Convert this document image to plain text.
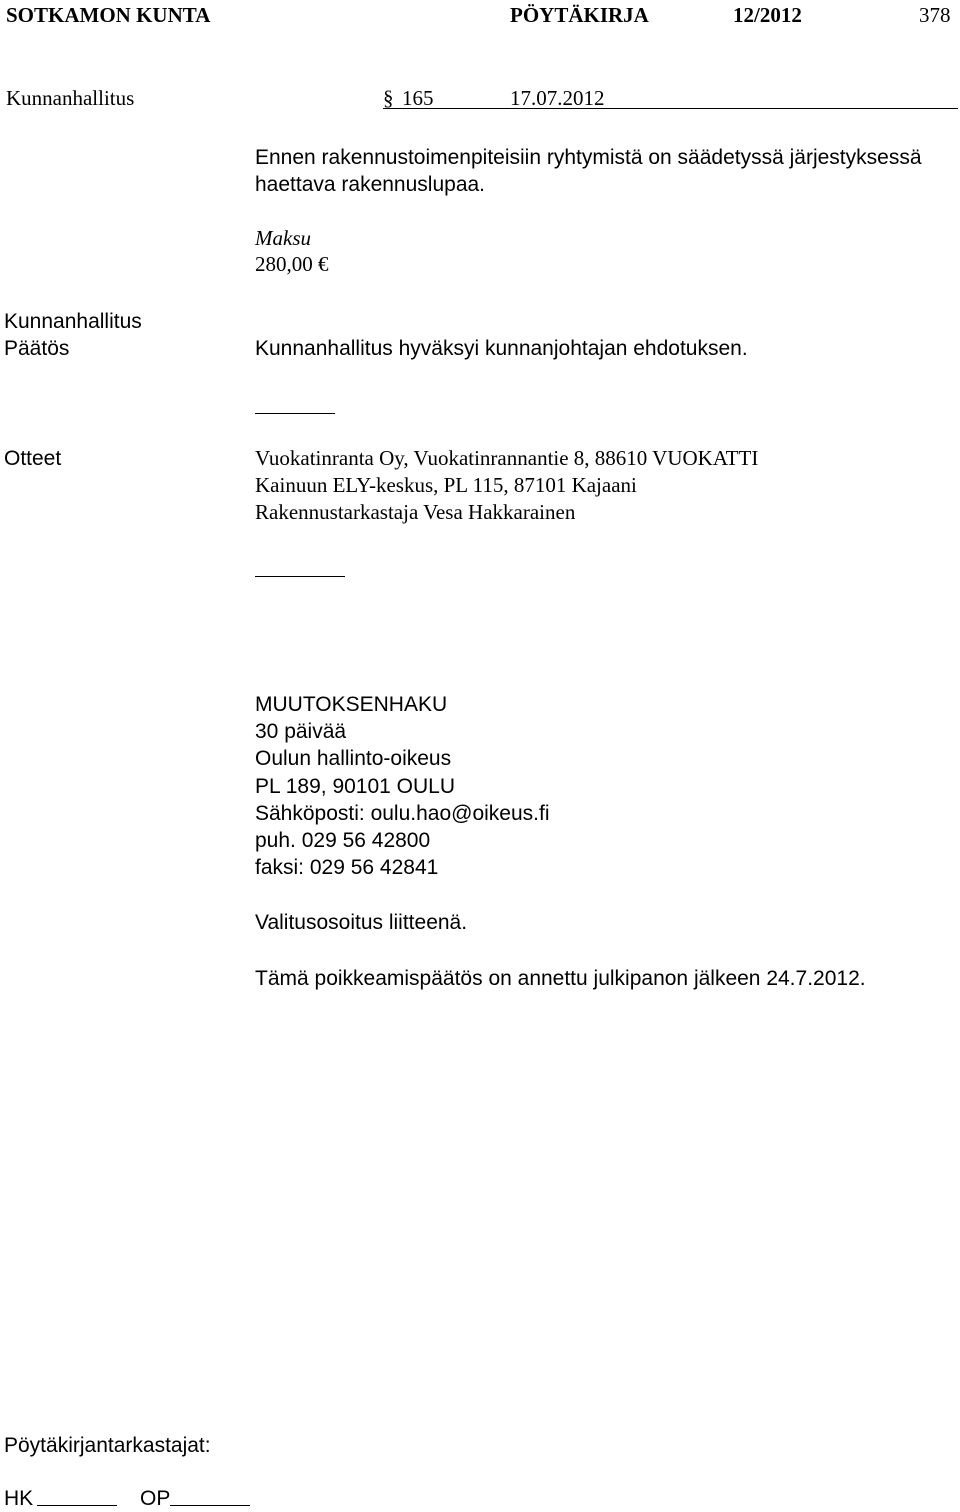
SOTKAMON KUNTA	PÖYTÄKIRJA	12/2012	378
Kunnanhallitus	§ 165	17.07.2012
Ennen rakennustoimenpiteisiin ryhtymistä on säädetyssä järjestyksessä
haettava rakennuslupaa.
Maksu
280,00 €
Kunnanhallitus
Päätös	Kunnanhallitus hyväksyi kunnanjohtajan ehdotuksen.
Otteet	Vuokatinranta Oy, Vuokatinrannantie 8, 88610 VUOKATTI
Kainuun ELY-keskus, PL 115, 87101 Kajaani
Rakennustarkastaja Vesa Hakkarainen
MUUTOKSENHAKU
30 päivää
Oulun hallinto-oikeus
PL 189, 90101 OULU
Sähköposti: oulu.hao@oikeus.fi
puh. 029 56 42800
faksi: 029 56 42841
Valitusosoitus liitteenä.
Tämä poikkeamispäätös on annettu julkipanon jälkeen 24.7.2012.
Pöytäkirjantarkastajat:
HK	OP
